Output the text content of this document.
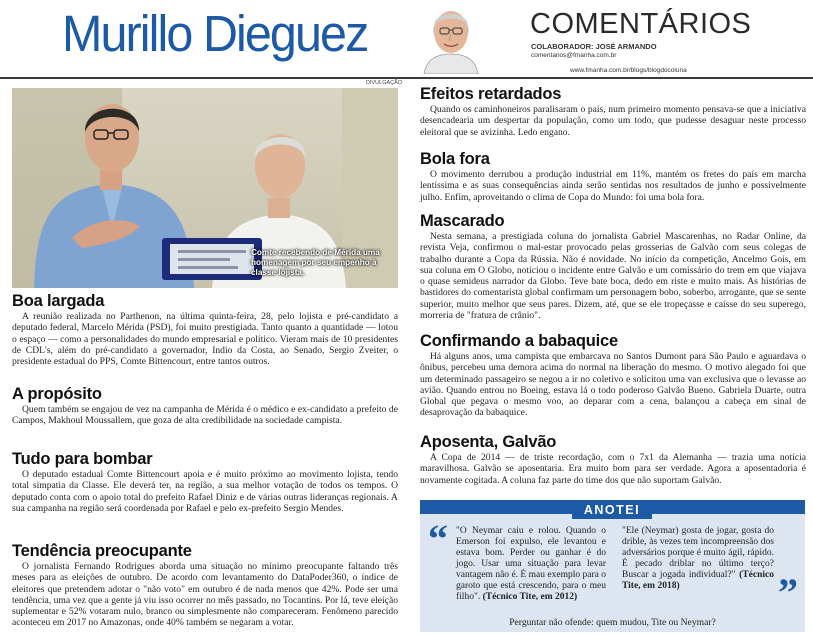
Murillo Dieguez	COMENTÁRIOS
COLABORADOR: JOSÉ ARMANDO
comentarios@fmanha.com.br
www.fmanha.com.br/blogs/blogdocoluna
DIVULGAÇÃO
Comte recebendo de Mérida uma homenagem por seu empenho à classe lojista.
Boa largada

A reunião realizada no Parthenon, na última quinta-feira, 28, pelo lojista e pré-candidato a deputado federal, Marcelo Mérida (PSD), foi muito prestigiada. Tanto quanto a quantidade — lotou o espaço — como a personalidades do mundo empresarial e político. Vieram mais de 10 presidentes de CDL's, além do pré-candidato a governador, Indio da Costa, ao Senado, Sergio Zveiter, o presidente estadual do PPS, Comte Bittencourt, entre tantos outros.

A propósito

Quem também se engajou de vez na campanha de Mérida é o médico e ex-candidato a prefeito de Campos, Makhoul Moussallem, que goza de alta credibilidade na sociedade campista.

Tudo para bombar

O deputado estadual Comte Bittencourt apoia e é muito próximo ao movimento lojista, tendo total simpatia da Classe. Ele deverá ter, na região, a sua melhor votação de todos os tempos. O deputado conta com o apoio total do prefeito Rafael Diniz e de várias outras lideranças regionais. A sua campanha na região será coordenada por Rafael e pelo ex-prefeito Sergio Mendes.

Tendência preocupante

O jornalista Fernando Rodrigues aborda uma situação no mínimo preocupante faltando três meses para as eleições de outubro. De acordo com levantamento do DataPoder360, o índice de eleitores que pretendem adotar o "não voto" em outubro é de nada menos que 42%. Pode ser uma tendência, uma vez que a gente já viu isso ocorrer no mês passado, no Tocantins. Por lá, teve eleição suplementar e 52% votaram nulo, branco ou simplesmente não compareceram. Fenômeno parecido aconteceu em 2017 no Amazonas, onde 40% também se negaram a votar.

Efeitos retardados

Quando os caminhoneiros paralisaram o país, num primeiro momento pensava-se que a iniciativa desencadearia um despertar da população, como um todo, que pudesse desaguar neste processo eleitoral que se avizinha. Ledo engano.

Bola fora

O movimento derrubou a produção industrial em 11%, mantém os fretes do país em marcha lentíssima e as suas consequências ainda serão sentidas nos resultados de junho e possivelmente julho. Enfim, aproveitando o clima de Copa do Mundo: foi uma bola fora.

Mascarado

Nesta semana, a prestigiada coluna do jornalista Gabriel Mascarenhas, no Radar Online, da revista Veja, confirmou o mal-estar provocado pelas grosserias de Galvão com seus colegas de trabalho durante a Copa da Rússia. Não é novidade. No início da competição, Ancelmo Gois, em sua coluna em O Globo, noticiou o incidente entre Galvão e um comissário do trem em que viajava o quase semideus narrador da Globo. Teve bate boca, dedo em riste e muito mais. As histórias de bastidores do comentarista global confirmam um personagem bobo, soberbo, arrogante, que se sente superior, muito melhor que seus pares. Dizem, até, que se ele tropeçasse e caísse do seu superego, morreria de "fratura de crânio".

Confirmando a babaquice

Há alguns anos, uma campista que embarcava no Santos Dumont para São Paulo e aguardava o ônibus, percebeu uma demora acima do normal na liberação do mesmo. O motivo alegado foi que um determinado passageiro se negou a ir no coletivo e solicitou uma van exclusiva que o levasse ao avião. Quando entrou no Boeing, estava lá o todo poderoso Galvão Bueno. Gabriela Duarte, outra Global que pegava o mesmo voo, ao deparar com a cena, balançou a cabeça em sinal de desaprovação da babaquice.

Aposenta, Galvão

A Copa de 2014 — de triste recordação, com o 7x1 da Alemanha — trazia uma notícia maravilhosa. Galvão se aposentaria. Era muito bom para ser verdade. Agora a aposentadoria é novamente cogitada. A coluna faz parte do time dos que não suportam Galvão.

ANOTEI
“ "O Neymar caiu e rolou. Quando o Emerson foi expulso, ele levantou e estava bom. Perder ou ganhar é do jogo. Usar uma situação para levar vantagem não é. É mau exemplo para o garoto que está crescendo, para o meu filho". (Técnico Tite, em 2012)
"Ele (Neymar) gosta de jogar, gosta do drible, às vezes tem incompreensão dos adversários porque é muito ágil, rápido. É pecado driblar no último terço? Buscar a jogada individual?" (Técnico Tite, em 2018)	”
Perguntar não ofende: quem mudou, Tite ou Neymar?
